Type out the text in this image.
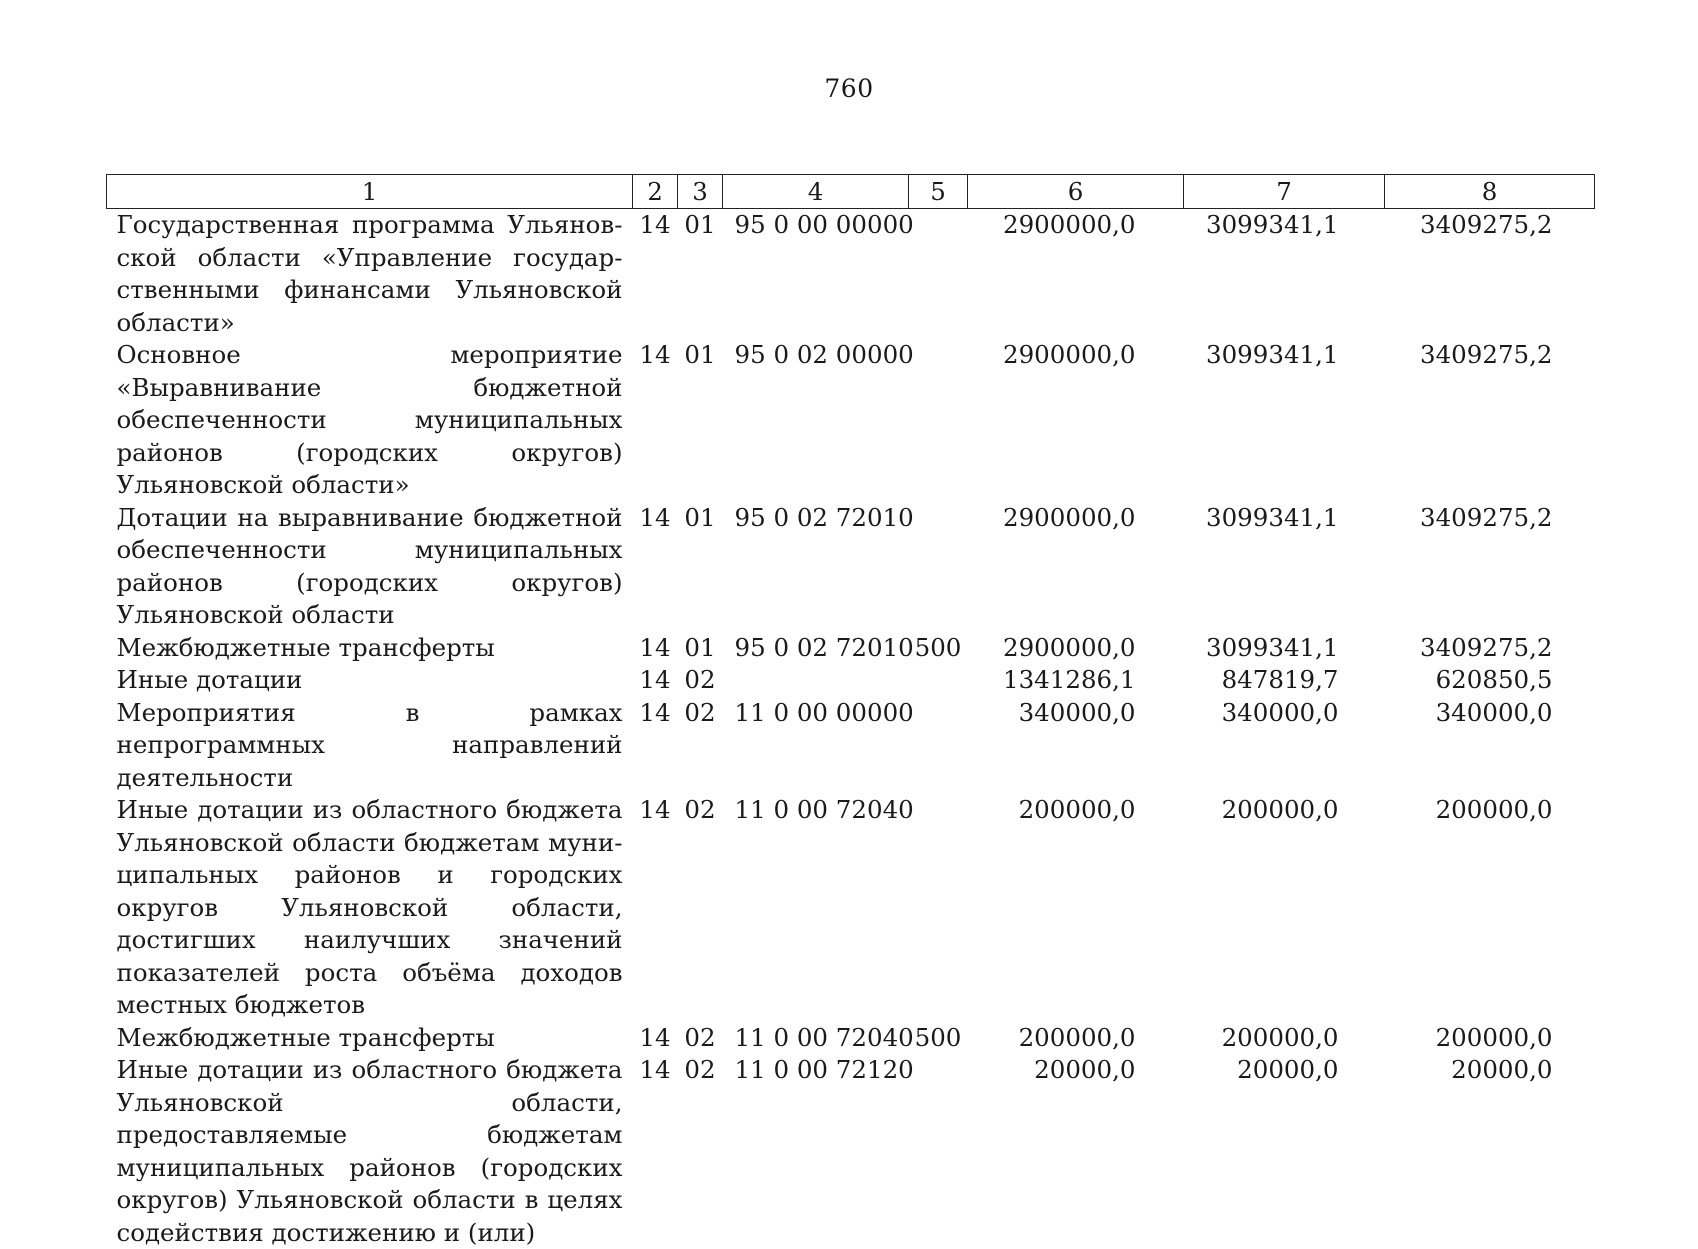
760
1	2	3	4	5	6	7	8
Государственная программа Ульяновской области «Управление государственными финансами Ульяновской области»	14	01	95 0 00 00000		2900000,0	3099341,1	3409275,2
Основное мероприятие «Выравнивание бюджетной обеспеченности муниципальных районов (городских округов) Ульяновской области»	14	01	95 0 02 00000		2900000,0	3099341,1	3409275,2
Дотации на выравнивание бюджетной обеспеченности муниципальных районов (городских округов) Ульяновской области	14	01	95 0 02 72010		2900000,0	3099341,1	3409275,2
Межбюджетные трансферты	14	01	95 0 02 72010	500	2900000,0	3099341,1	3409275,2
Иные дотации	14	02			1341286,1	847819,7	620850,5
Мероприятия в рамках непрограммных направлений деятельности	14	02	11 0 00 00000		340000,0	340000,0	340000,0
Иные дотации из областного бюджета Ульяновской области бюджетам муниципальных районов и городских округов Ульяновской области, достигших наилучших значений показателей роста объёма доходов местных бюджетов	14	02	11 0 00 72040		200000,0	200000,0	200000,0
Межбюджетные трансферты	14	02	11 0 00 72040	500	200000,0	200000,0	200000,0
Иные дотации из областного бюджета Ульяновской области, предоставляемые бюджетам муниципальных районов (городских округов) Ульяновской области в целях содействия достижению и (или)	14	02	11 0 00 72120		20000,0	20000,0	20000,0
